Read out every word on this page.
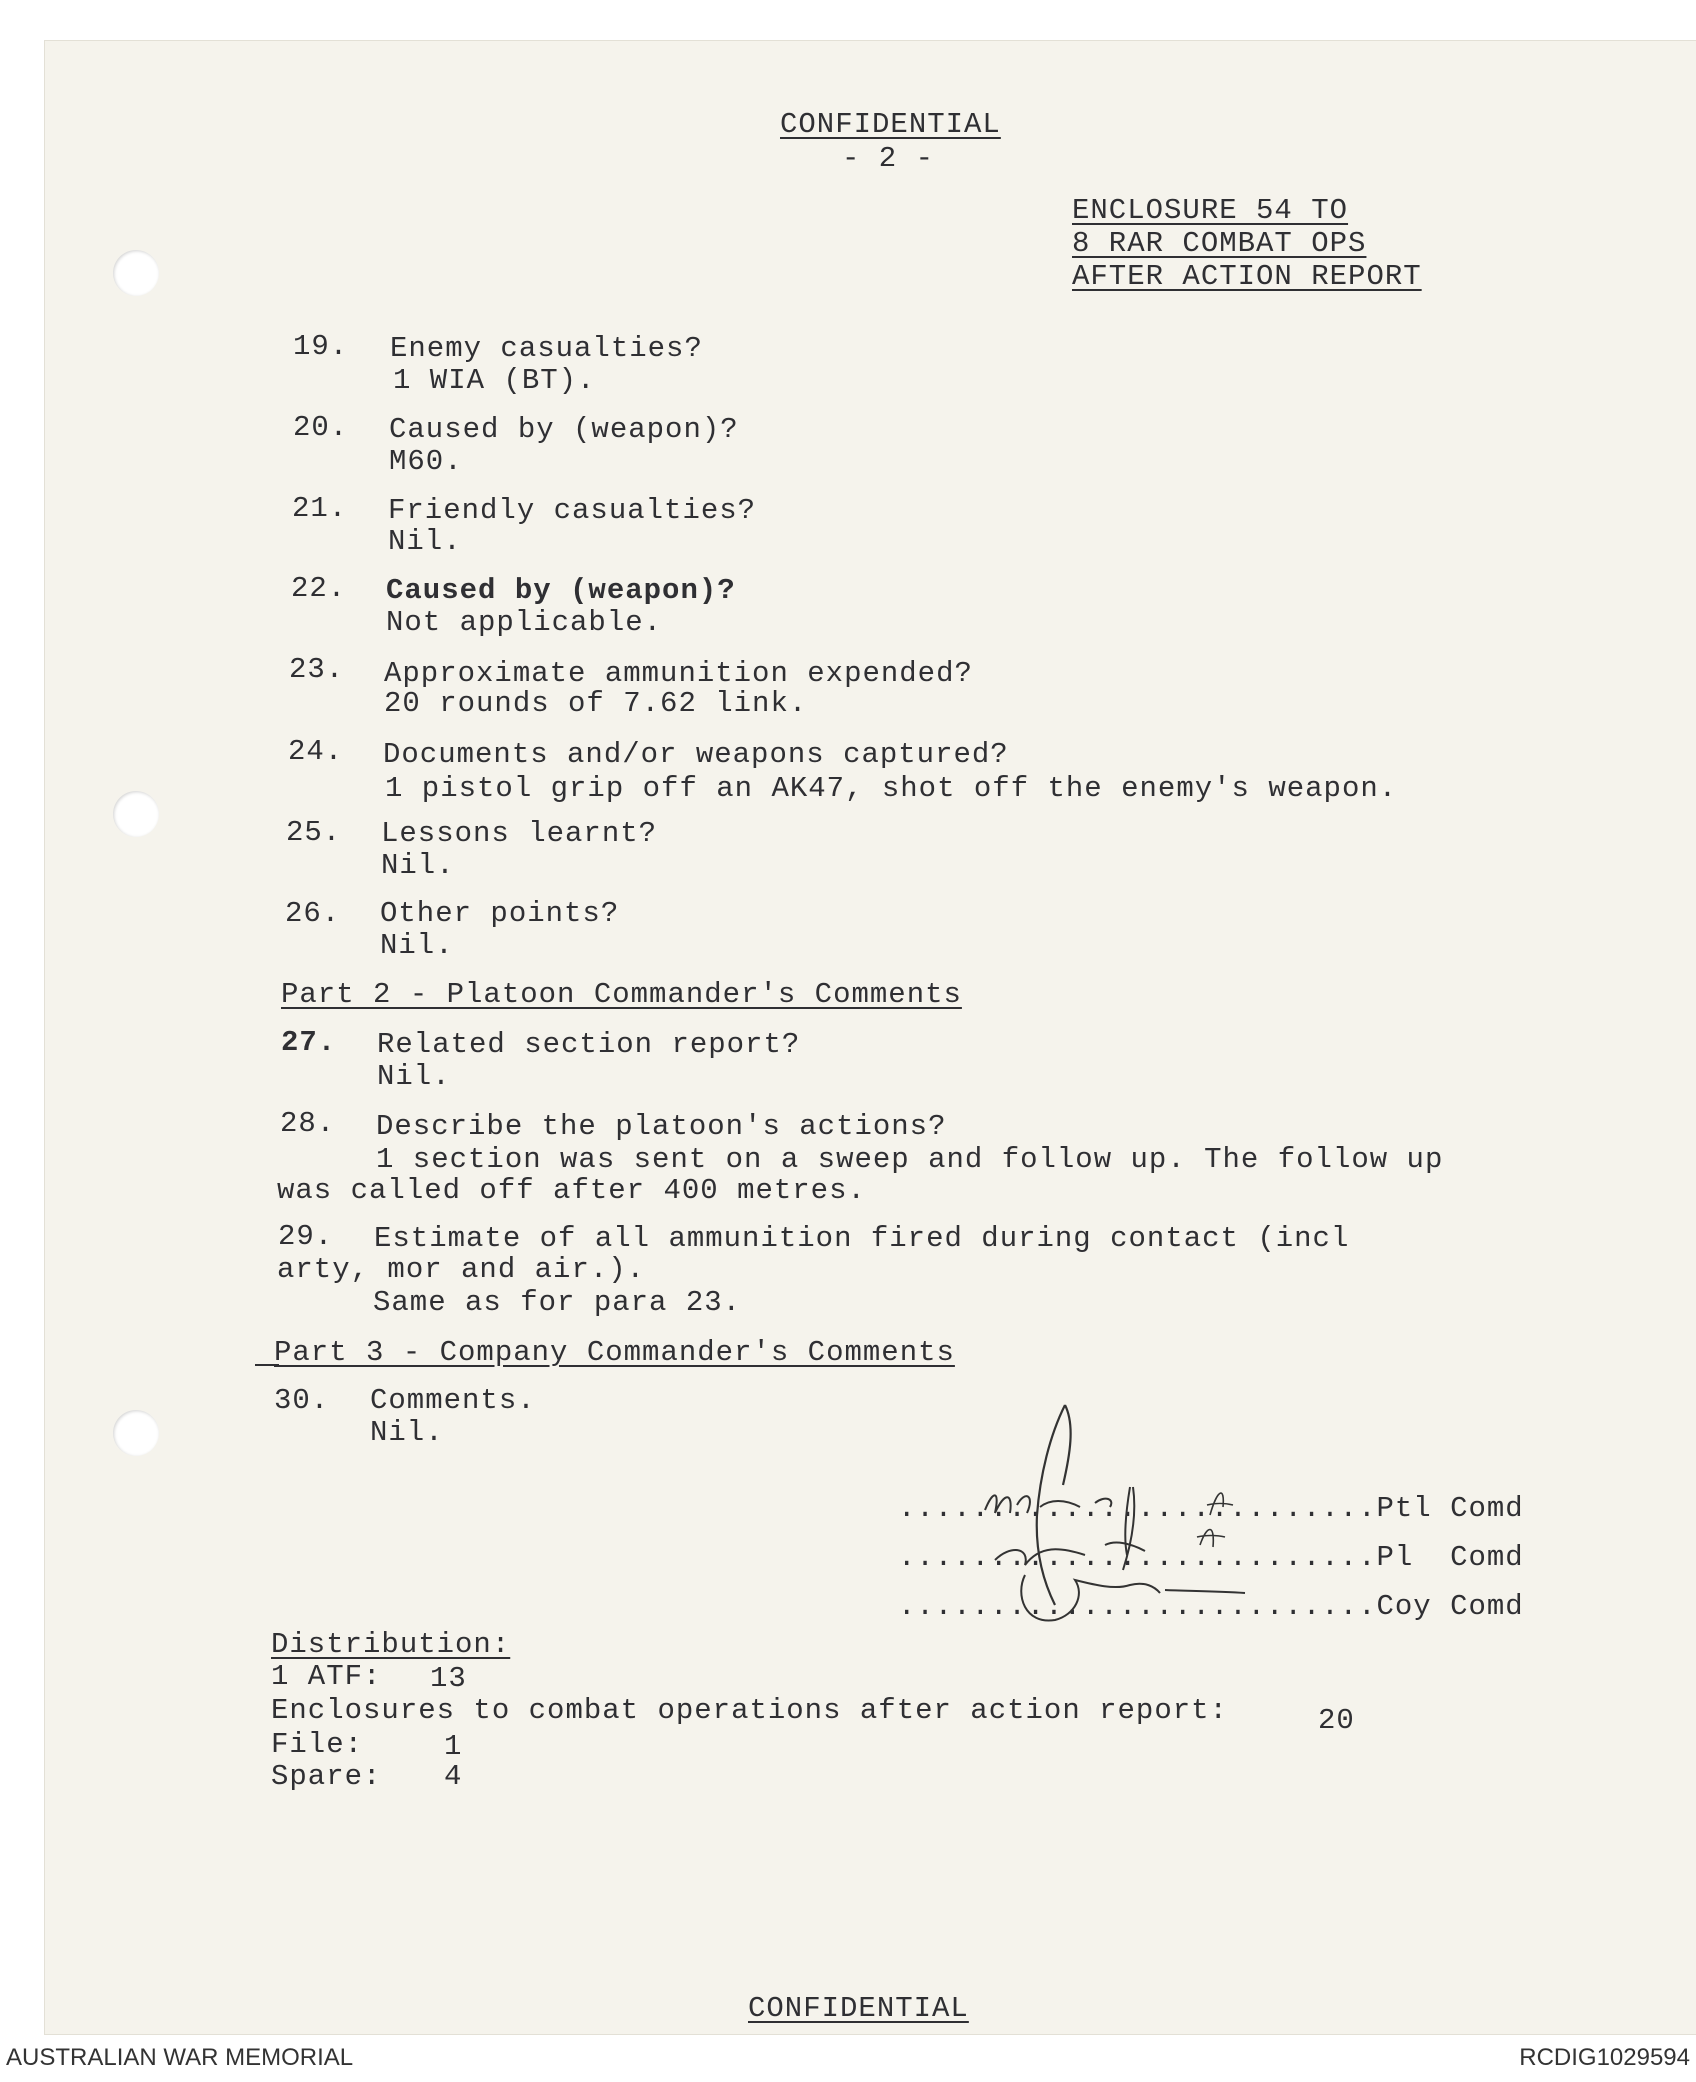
CONFIDENTIAL
- 2 -
ENCLOSURE 54 TO
8 RAR COMBAT OPS
AFTER ACTION REPORT
19. Enemy casualties?
1 WIA (BT).
20. Caused by (weapon)?
M60.
21. Friendly casualties?
Nil.
22. Caused by (weapon)?
Not applicable.
23. Approximate ammunition expended?
20 rounds of 7.62 link.
24. Documents and/or weapons captured?
1 pistol grip off an AK47, shot off the enemy's weapon.
25. Lessons learnt?
Nil.
26. Other points?
Nil.
Part 2 - Platoon Commander's Comments
27. Related section report?
Nil.
28. Describe the platoon's actions?
1 section was sent on a sweep and follow up. The follow up
was called off after 400 metres.
29. Estimate of all ammunition fired during contact (incl
arty, mor and air.).
Same as for para 23.
Part 3 - Company Commander's Comments
30. Comments.
Nil.
..........................Ptl Comd
..........................Pl  Comd
..........................Coy Comd
Distribution:
1 ATF: 13
Enclosures to combat operations after action report:	20
File:	1
Spare: 4
CONFIDENTIAL
AUSTRALIAN WAR MEMORIAL	RCDIG1029594
